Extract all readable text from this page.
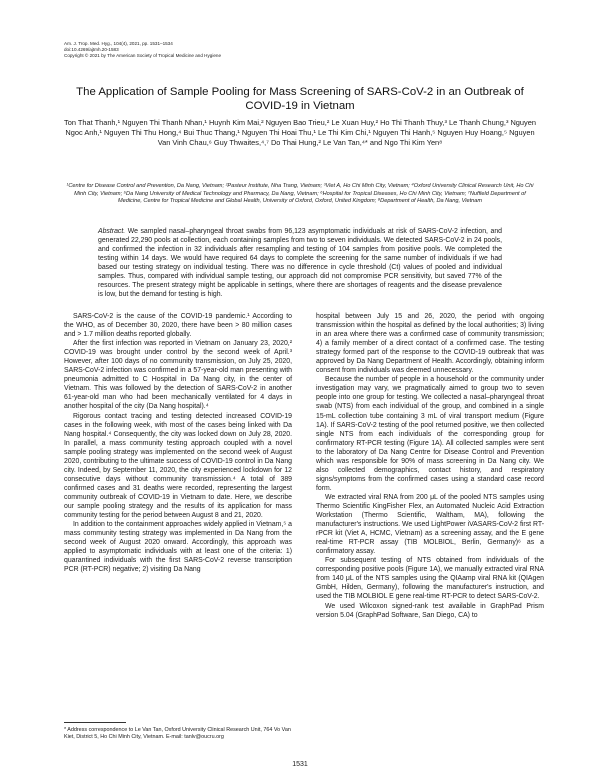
Am. J. Trop. Med. Hyg., 104(4), 2021, pp. 1531–1534
doi:10.4269/ajtmh.20-1583
Copyright © 2021 by The American Society of Tropical Medicine and Hygiene
The Application of Sample Pooling for Mass Screening of SARS-CoV-2 in an Outbreak of COVID-19 in Vietnam
Ton That Thanh,¹ Nguyen Thi Thanh Nhan,¹ Huynh Kim Mai,² Nguyen Bao Trieu,² Le Xuan Huy,² Ho Thi Thanh Thuy,³ Le Thanh Chung,³ Nguyen Ngoc Anh,¹ Nguyen Thi Thu Hong,⁴ Bui Thuc Thang,¹ Nguyen Thi Hoai Thu,¹ Le Thi Kim Chi,¹ Nguyen Thi Hanh,⁵ Nguyen Huy Hoang,⁵ Nguyen Van Vinh Chau,⁶ Guy Thwaites,⁴,⁷ Do Thai Hung,² Le Van Tan,⁴* and Ngo Thi Kim Yen⁸
¹Centre for Disease Control and Prevention, Da Nang, Vietnam; ²Pasteur Institute, Nha Trang, Vietnam; ³Viet A, Ho Chi Minh City, Vietnam; ⁴Oxford University Clinical Research Unit, Ho Chi Minh City, Vietnam; ⁵Da Nang University of Medical Technology and Pharmacy, Da Nang, Vietnam; ⁶Hospital for Tropical Diseases, Ho Chi Minh City, Vietnam; ⁷Nuffield Department of Medicine, Centre for Tropical Medicine and Global Health, University of Oxford, Oxford, United Kingdom; ⁸Department of Health, Da Nang, Vietnam
Abstract. We sampled nasal–pharyngeal throat swabs from 96,123 asymptomatic individuals at risk of SARS-CoV-2 infection, and generated 22,290 pools at collection, each containing samples from two to seven individuals. We detected SARS-CoV-2 in 24 pools, and confirmed the infection in 32 individuals after resampling and testing of 104 samples from positive pools. We completed the testing within 14 days. We would have required 64 days to complete the screening for the same number of individuals if we had based our testing strategy on individual testing. There was no difference in cycle threshold (Ct) values of pooled and individual samples. Thus, compared with individual sample testing, our approach did not compromise PCR sensitivity, but saved 77% of the resources. The present strategy might be applicable in settings, where there are shortages of reagents and the disease prevalence is low, but the demand for testing is high.

SARS-CoV-2 is the cause of the COVID-19 pandemic.¹ According to the WHO, as of December 30, 2020, there have been > 80 million cases and > 1.7 million deaths reported globally.

After the first infection was reported in Vietnam on January 23, 2020,² COVID-19 was brought under control by the second week of April.³ However, after 100 days of no community transmission, on July 25, 2020, SARS-CoV-2 infection was confirmed in a 57-year-old man presenting with pneumonia admitted to C Hospital in Da Nang city, in the center of Vietnam. This was followed by the detection of SARS-CoV-2 in another 61-year-old man who had been mechanically ventilated for 4 days in another hospital of the city (Da Nang hospital).⁴

Rigorous contact tracing and testing detected increased COVID-19 cases in the following week, with most of the cases being linked with Da Nang hospital.⁴ Consequently, the city was locked down on July 28, 2020. In parallel, a mass community testing approach coupled with a novel sample pooling strategy was implemented on the second week of August 2020, contributing to the ultimate success of COVID-19 control in Da Nang city. Indeed, by September 11, 2020, the city experienced lockdown for 12 consecutive days without community transmission.⁴ A total of 389 confirmed cases and 31 deaths were recorded, representing the largest community outbreak of COVID-19 in Vietnam to date. Here, we describe our sample pooling strategy and the results of its application for mass community testing for the period between August 8 and 21, 2020.

In addition to the containment approaches widely applied in Vietnam,⁵ a mass community testing strategy was implemented in Da Nang from the second week of August 2020 onward. Accordingly, this approach was applied to asymptomatic individuals with at least one of the criteria: 1) quarantined individuals with the first SARS-CoV-2 reverse transcription PCR (RT-PCR) negative; 2) visiting Da Nang

hospital between July 15 and 26, 2020, the period with ongoing transmission within the hospital as defined by the local authorities; 3) living in an area where there was a confirmed case of community transmission; 4) a family member of a direct contact of a confirmed case. The testing strategy formed part of the response to the COVID-19 outbreak that was approved by Da Nang Department of Health. Accordingly, obtaining inform consent from individuals was deemed unnecessary.

Because the number of people in a household or the community under investigation may vary, we pragmatically aimed to group two to seven people into one group for testing. We collected a nasal–pharyngeal throat swab (NTS) from each individual of the group, and combined in a single 15-mL collection tube containing 3 mL of viral transport medium (Figure 1A). If SARS-CoV-2 testing of the pool returned positive, we then collected single NTS from each individuals of the corresponding group for confirmatory RT-PCR testing (Figure 1A). All collected samples were sent to the laboratory of Da Nang Centre for Disease Control and Prevention which was responsible for 90% of mass screening in Da Nang city. We also collected demographics, contact history, and respiratory signs/symptoms from the confirmed cases using a standard case record form.

We extracted viral RNA from 200 μL of the pooled NTS samples using Thermo Scientific KingFisher Flex, an Automated Nucleic Acid Extraction Workstation (Thermo Scientific, Waltham, MA), following the manufacturer's instructions. We used LightPower iVASARS-CoV-2 first RT-rPCR kit (Viet A, HCMC, Vietnam) as a screening assay, and the E gene real-time RT-PCR assay (TIB MOLBIOL, Berlin, Germany)⁶ as a confirmatory assay.

For subsequent testing of NTS obtained from individuals of the corresponding positive pools (Figure 1A), we manually extracted viral RNA from 140 μL of the NTS samples using the QIAamp viral RNA kit (QIAgen GmbH, Hilden, Germany), following the manufacturer's instruction, and used the TIB MOLBIOL E gene real-time RT-PCR to detect SARS-CoV-2.

We used Wilcoxon signed-rank test available in GraphPad Prism version 5.04 (GraphPad Software, San Diego, CA) to

* Address correspondence to Le Van Tan, Oxford University Clinical Research Unit, 764 Vo Van Kiet, District 5, Ho Chi Minh City, Vietnam. E-mail: tanlv@oucru.org
1531
